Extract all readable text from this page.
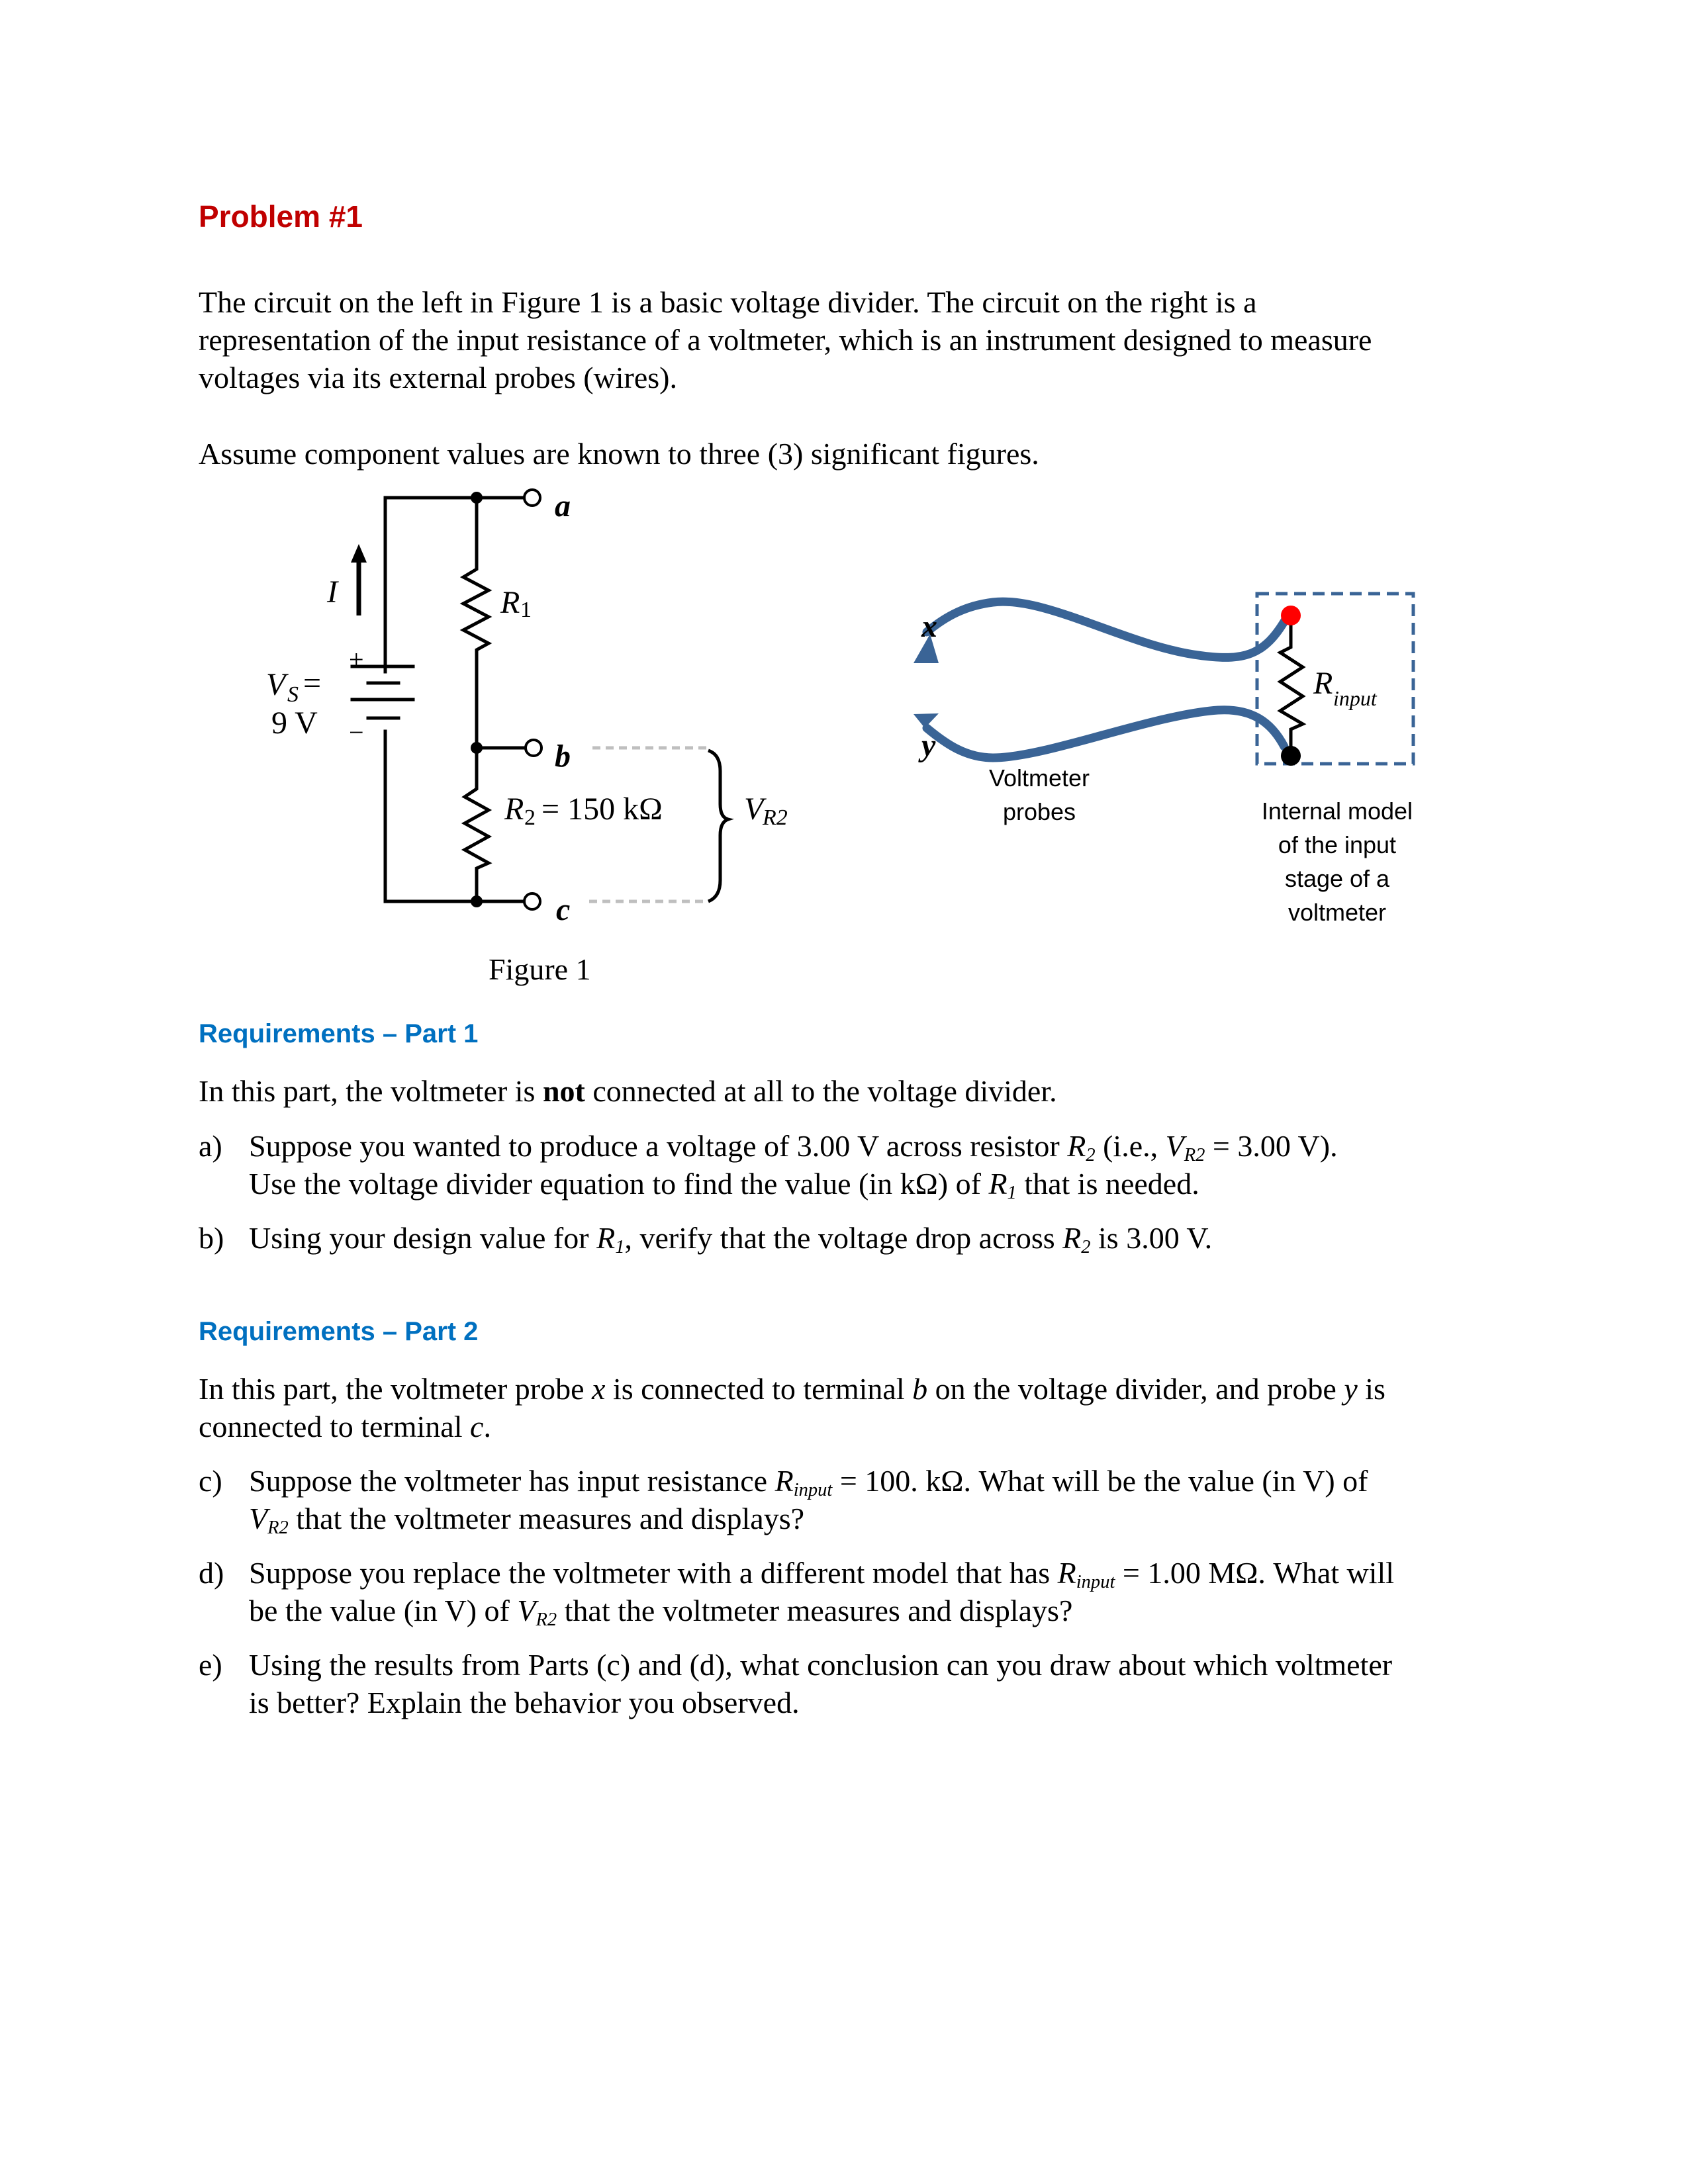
Problem #1
The circuit on the left in Figure 1 is a basic voltage divider. The circuit on the right is a
representation of the input resistance of a voltmeter, which is an instrument designed to measure
voltages via its external probes (wires).
Assume component values are known to three (3) significant figures.
a
b
c
I
+
−
V S =
9 V
R 1
R 2 = 150 kΩ	V
R2
x
y
R input
Voltmeter
probes	Internal model
of the input
stage of a
voltmeter
Figure 1
Requirements – Part 1
In this part, the voltmeter is not connected at all to the voltage divider.
a) Suppose you wanted to produce a voltage of 3.00 V across resistor $R_2$ (i.e., $V_{R2} = 3.00$ V).
Use the voltage divider equation to find the value (in kΩ) of $R_1$ that is needed.
b) Using your design value for $R_1$, verify that the voltage drop across $R_2$ is 3.00 V.
Requirements – Part 2
In this part, the voltmeter probe x is connected to terminal b on the voltage divider, and probe y is
connected to terminal c.
c) Suppose the voltmeter has input resistance $R_{input} = 100$. kΩ. What will be the value (in V) of
$V_{R2}$ that the voltmeter measures and displays?
d) Suppose you replace the voltmeter with a different model that has $R_{input} = 1.00$ MΩ. What will
be the value (in V) of $V_{R2}$ that the voltmeter measures and displays?
e) Using the results from Parts (c) and (d), what conclusion can you draw about which voltmeter
is better? Explain the behavior you observed.
